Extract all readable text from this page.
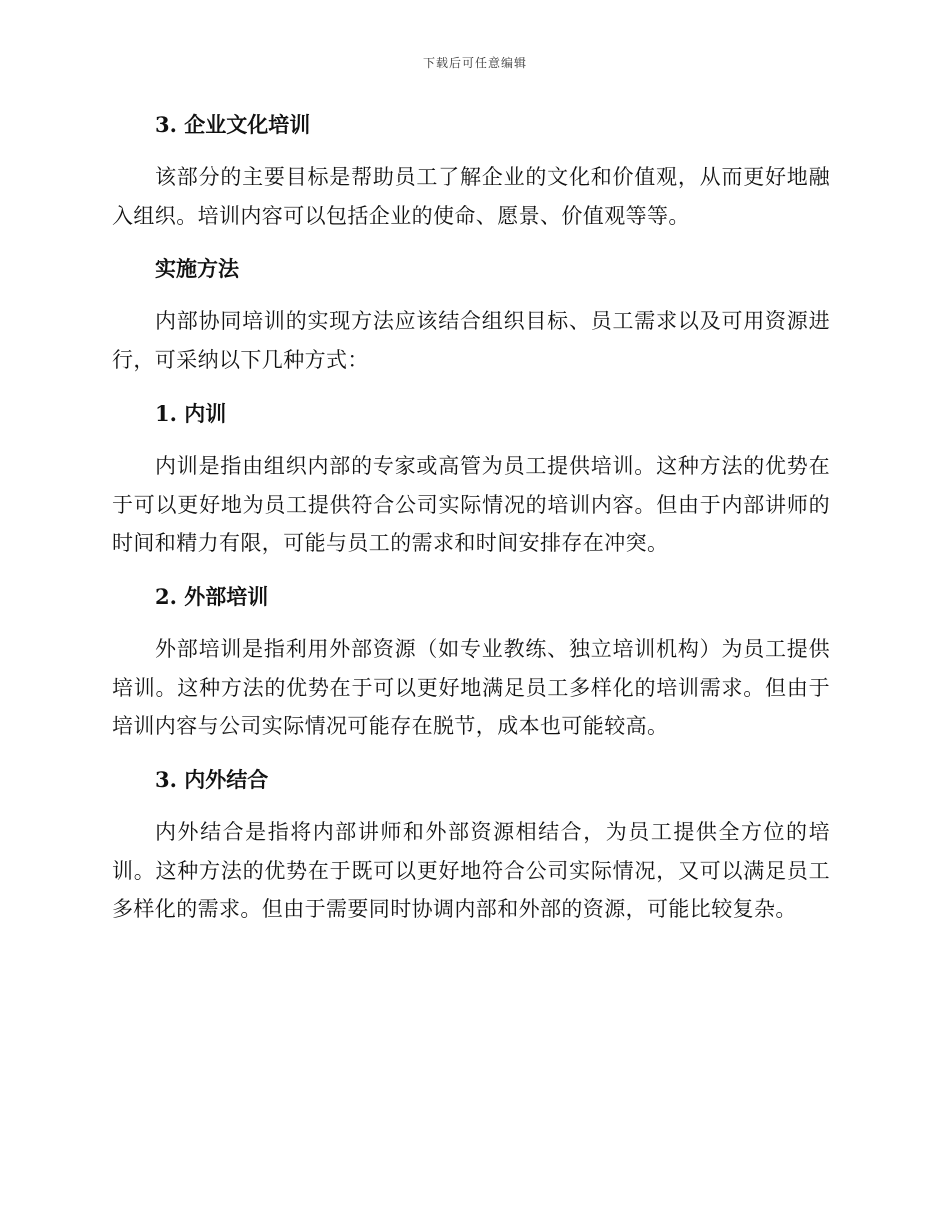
下载后可任意编辑
3. 企业文化培训
该部分的主要目标是帮助员工了解企业的文化和价值观，从而更好地融入组织。培训内容可以包括企业的使命、愿景、价值观等等。
实施方法
内部协同培训的实现方法应该结合组织目标、员工需求以及可用资源进行，可采纳以下几种方式：
1. 内训
内训是指由组织内部的专家或高管为员工提供培训。这种方法的优势在于可以更好地为员工提供符合公司实际情况的培训内容。但由于内部讲师的时间和精力有限，可能与员工的需求和时间安排存在冲突。
2. 外部培训
外部培训是指利用外部资源（如专业教练、独立培训机构）为员工提供培训。这种方法的优势在于可以更好地满足员工多样化的培训需求。但由于培训内容与公司实际情况可能存在脱节，成本也可能较高。
3. 内外结合
内外结合是指将内部讲师和外部资源相结合，为员工提供全方位的培训。这种方法的优势在于既可以更好地符合公司实际情况，又可以满足员工多样化的需求。但由于需要同时协调内部和外部的资源，可能比较复杂。
